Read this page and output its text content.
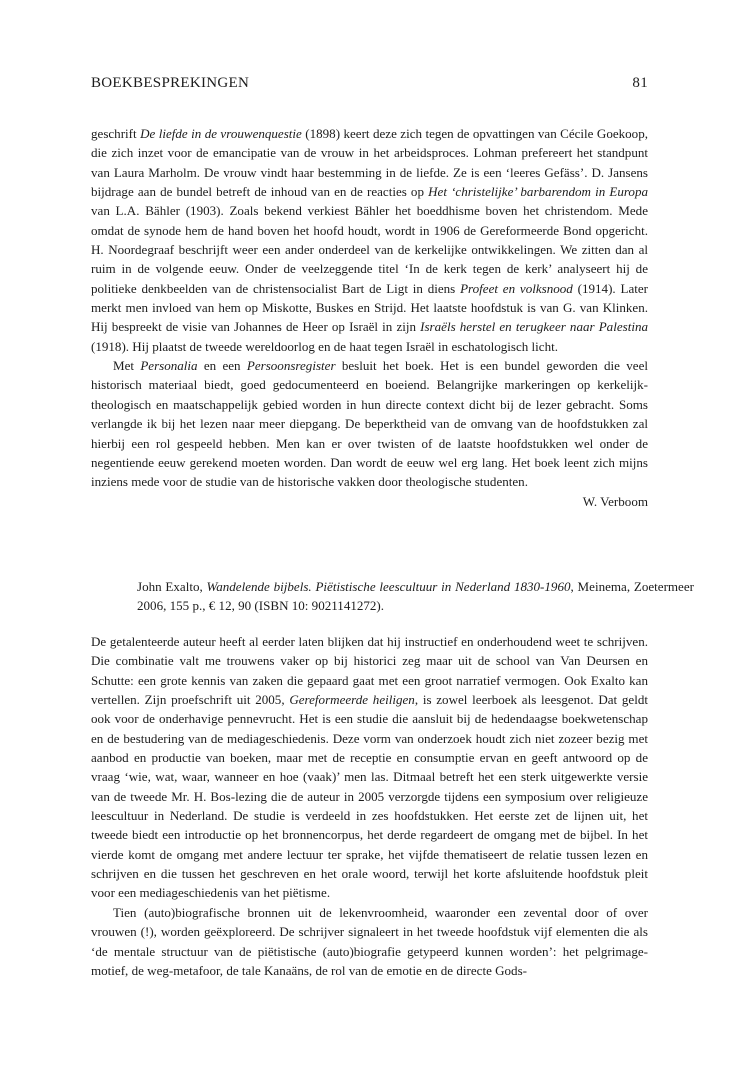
BOEKBESPREKINGEN	81

geschrift De liefde in de vrouwenquestie (1898) keert deze zich tegen de opvattingen van Cécile Goekoop, die zich inzet voor de emancipatie van de vrouw in het arbeidsproces. Lohman prefereert het standpunt van Laura Marholm. De vrouw vindt haar bestemming in de liefde. Ze is een ‘leeres Gefäss’. D. Jansens bijdrage aan de bundel betreft de inhoud van en de reacties op Het ‘christelijke’ barbarendom in Europa van L.A. Bähler (1903). Zoals bekend verkiest Bähler het boeddhisme boven het christendom. Mede omdat de synode hem de hand boven het hoofd houdt, wordt in 1906 de Gereformeerde Bond opgericht. H. Noordegraaf beschrijft weer een ander onderdeel van de kerkelijke ontwikkelingen. We zitten dan al ruim in de volgende eeuw. Onder de veelzeggende titel ‘In de kerk tegen de kerk’ analyseert hij de politieke denkbeelden van de christensocialist Bart de Ligt in diens Profeet en volksnood (1914). Later merkt men invloed van hem op Miskotte, Buskes en Strijd. Het laatste hoofdstuk is van G. van Klinken. Hij bespreekt de visie van Johannes de Heer op Israël in zijn Israëls herstel en terugkeer naar Palestina (1918). Hij plaatst de tweede wereldoorlog en de haat tegen Israël in eschatologisch licht.

Met Personalia en een Persoonsregister besluit het boek. Het is een bundel geworden die veel historisch materiaal biedt, goed gedocumenteerd en boeiend. Belangrijke markeringen op kerkelijk-theologisch en maatschappelijk gebied worden in hun directe context dicht bij de lezer gebracht. Soms verlangde ik bij het lezen naar meer diepgang. De beperktheid van de omvang van de hoofdstukken zal hierbij een rol gespeeld hebben. Men kan er over twisten of de laatste hoofdstukken wel onder de negentiende eeuw gerekend moeten worden. Dan wordt de eeuw wel erg lang. Het boek leent zich mijns inziens mede voor de studie van de historische vakken door theologische studenten.

W. Verboom

John Exalto, Wandelende bijbels. Piëtistische leescultuur in Nederland 1830-1960, Meinema, Zoetermeer 2006, 155 p., € 12, 90 (ISBN 10: 9021141272).

De getalenteerde auteur heeft al eerder laten blijken dat hij instructief en onderhoudend weet te schrijven. Die combinatie valt me trouwens vaker op bij historici zeg maar uit de school van Van Deursen en Schutte: een grote kennis van zaken die gepaard gaat met een groot narratief vermogen. Ook Exalto kan vertellen. Zijn proefschrift uit 2005, Gereformeerde heiligen, is zowel leerboek als leesgenot. Dat geldt ook voor de onderhavige pennevrucht. Het is een studie die aansluit bij de hedendaagse boekwetenschap en de bestudering van de mediageschiedenis. Deze vorm van onderzoek houdt zich niet zozeer bezig met aanbod en productie van boeken, maar met de receptie en consumptie ervan en geeft antwoord op de vraag ‘wie, wat, waar, wanneer en hoe (vaak)’ men las. Ditmaal betreft het een sterk uitgewerkte versie van de tweede Mr. H. Bos-lezing die de auteur in 2005 verzorgde tijdens een symposium over religieuze leescultuur in Nederland. De studie is verdeeld in zes hoofdstukken. Het eerste zet de lijnen uit, het tweede biedt een introductie op het bronnencorpus, het derde regardeert de omgang met de bijbel. In het vierde komt de omgang met andere lectuur ter sprake, het vijfde thematiseert de relatie tussen lezen en schrijven en die tussen het geschreven en het orale woord, terwijl het korte afsluitende hoofdstuk pleit voor een mediageschiedenis van het piëtisme.

Tien (auto)biografische bronnen uit de lekenvroomheid, waaronder een zevental door of over vrouwen (!), worden geëxploreerd. De schrijver signaleert in het tweede hoofdstuk vijf elementen die als ‘de mentale structuur van de piëtistische (auto)biografie getypeerd kunnen worden’: het pelgrimage-motief, de weg-metafoor, de tale Kanaäns, de rol van de emotie en de directe Gods-
